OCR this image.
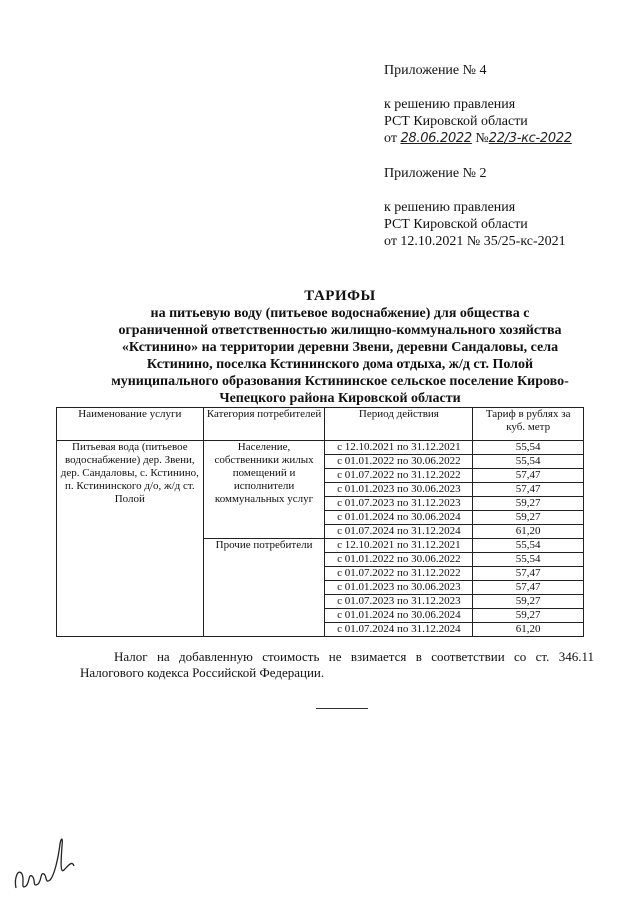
Приложение № 4
к решению правления
РСТ Кировской области
от 28.06.2022 №22/3-кс-2022
Приложение № 2
к решению правления
РСТ Кировской области
от 12.10.2021 № 35/25-кс-2021
ТАРИФЫ
на питьевую воду (питьевое водоснабжение) для общества с
ограниченной ответственностью жилищно-коммунального хозяйства
«Кстинино» на территории деревни Звени, деревни Сандаловы, села
Кстинино, поселка Кстининского дома отдыха, ж/д ст. Полой
муниципального образования Кстининское сельское поселение Кирово-
Чепецкого района Кировской области
Наименование услуги	Категория потребителей	Период действия	Тариф в рублях за куб. метр
Питьевая вода (питьевое водоснабжение) дер. Звени, дер. Сандаловы, с. Кстинино, п. Кстининского д/о, ж/д ст. Полой	Население, собственники жилых помещений и исполнители коммунальных услуг	с 12.10.2021 по 31.12.2021	55,54
		с 01.01.2022 по 30.06.2022	55,54
		с 01.07.2022 по 31.12.2022	57,47
		с 01.01.2023 по 30.06.2023	57,47
		с 01.07.2023 по 31.12.2023	59,27
		с 01.01.2024 по 30.06.2024	59,27
		с 01.07.2024 по 31.12.2024	61,20
	Прочие потребители	с 12.10.2021 по 31.12.2021	55,54
		с 01.01.2022 по 30.06.2022	55,54
		с 01.07.2022 по 31.12.2022	57,47
		с 01.01.2023 по 30.06.2023	57,47
		с 01.07.2023 по 31.12.2023	59,27
		с 01.01.2024 по 30.06.2024	59,27
		с 01.07.2024 по 31.12.2024	61,20
Налог на добавленную стоимость не взимается в соответствии со ст. 346.11 Налогового кодекса Российской Федерации.
